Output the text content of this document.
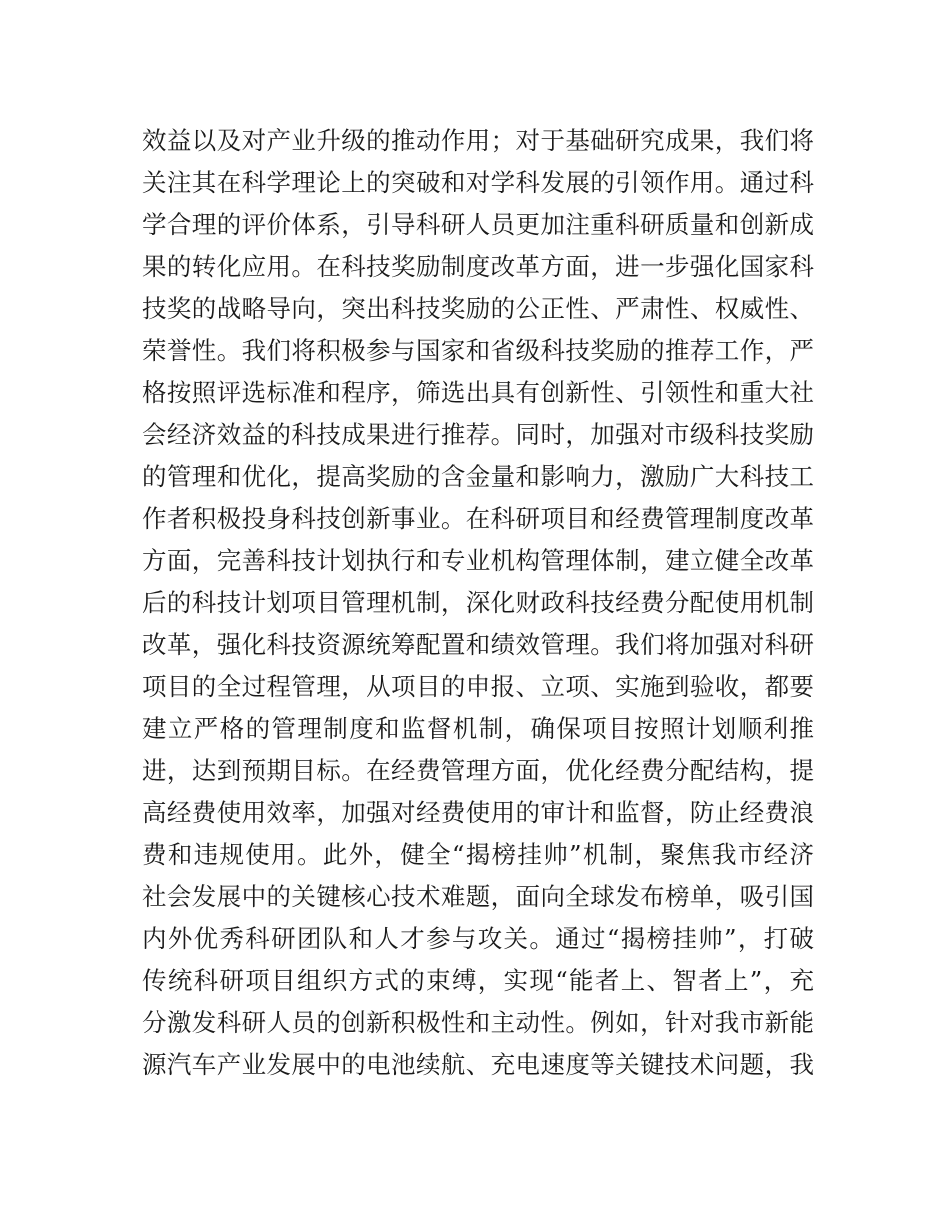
效益以及对产业升级的推动作用；对于基础研究成果，我们将
关注其在科学理论上的突破和对学科发展的引领作用。通过科
学合理的评价体系，引导科研人员更加注重科研质量和创新成
果的转化应用。在科技奖励制度改革方面，进一步强化国家科
技奖的战略导向，突出科技奖励的公正性、严肃性、权威性、
荣誉性。我们将积极参与国家和省级科技奖励的推荐工作，严
格按照评选标准和程序，筛选出具有创新性、引领性和重大社
会经济效益的科技成果进行推荐。同时，加强对市级科技奖励
的管理和优化，提高奖励的含金量和影响力，激励广大科技工
作者积极投身科技创新事业。在科研项目和经费管理制度改革
方面，完善科技计划执行和专业机构管理体制，建立健全改革
后的科技计划项目管理机制，深化财政科技经费分配使用机制
改革，强化科技资源统筹配置和绩效管理。我们将加强对科研
项目的全过程管理，从项目的申报、立项、实施到验收，都要
建立严格的管理制度和监督机制，确保项目按照计划顺利推
进，达到预期目标。在经费管理方面，优化经费分配结构，提
高经费使用效率，加强对经费使用的审计和监督，防止经费浪
费和违规使用。此外，健全“揭榜挂帅”机制，聚焦我市经济
社会发展中的关键核心技术难题，面向全球发布榜单，吸引国
内外优秀科研团队和人才参与攻关。通过“揭榜挂帅”，打破
传统科研项目组织方式的束缚，实现“能者上、智者上”，充
分激发科研人员的创新积极性和主动性。例如，针对我市新能
源汽车产业发展中的电池续航、充电速度等关键技术问题，我
